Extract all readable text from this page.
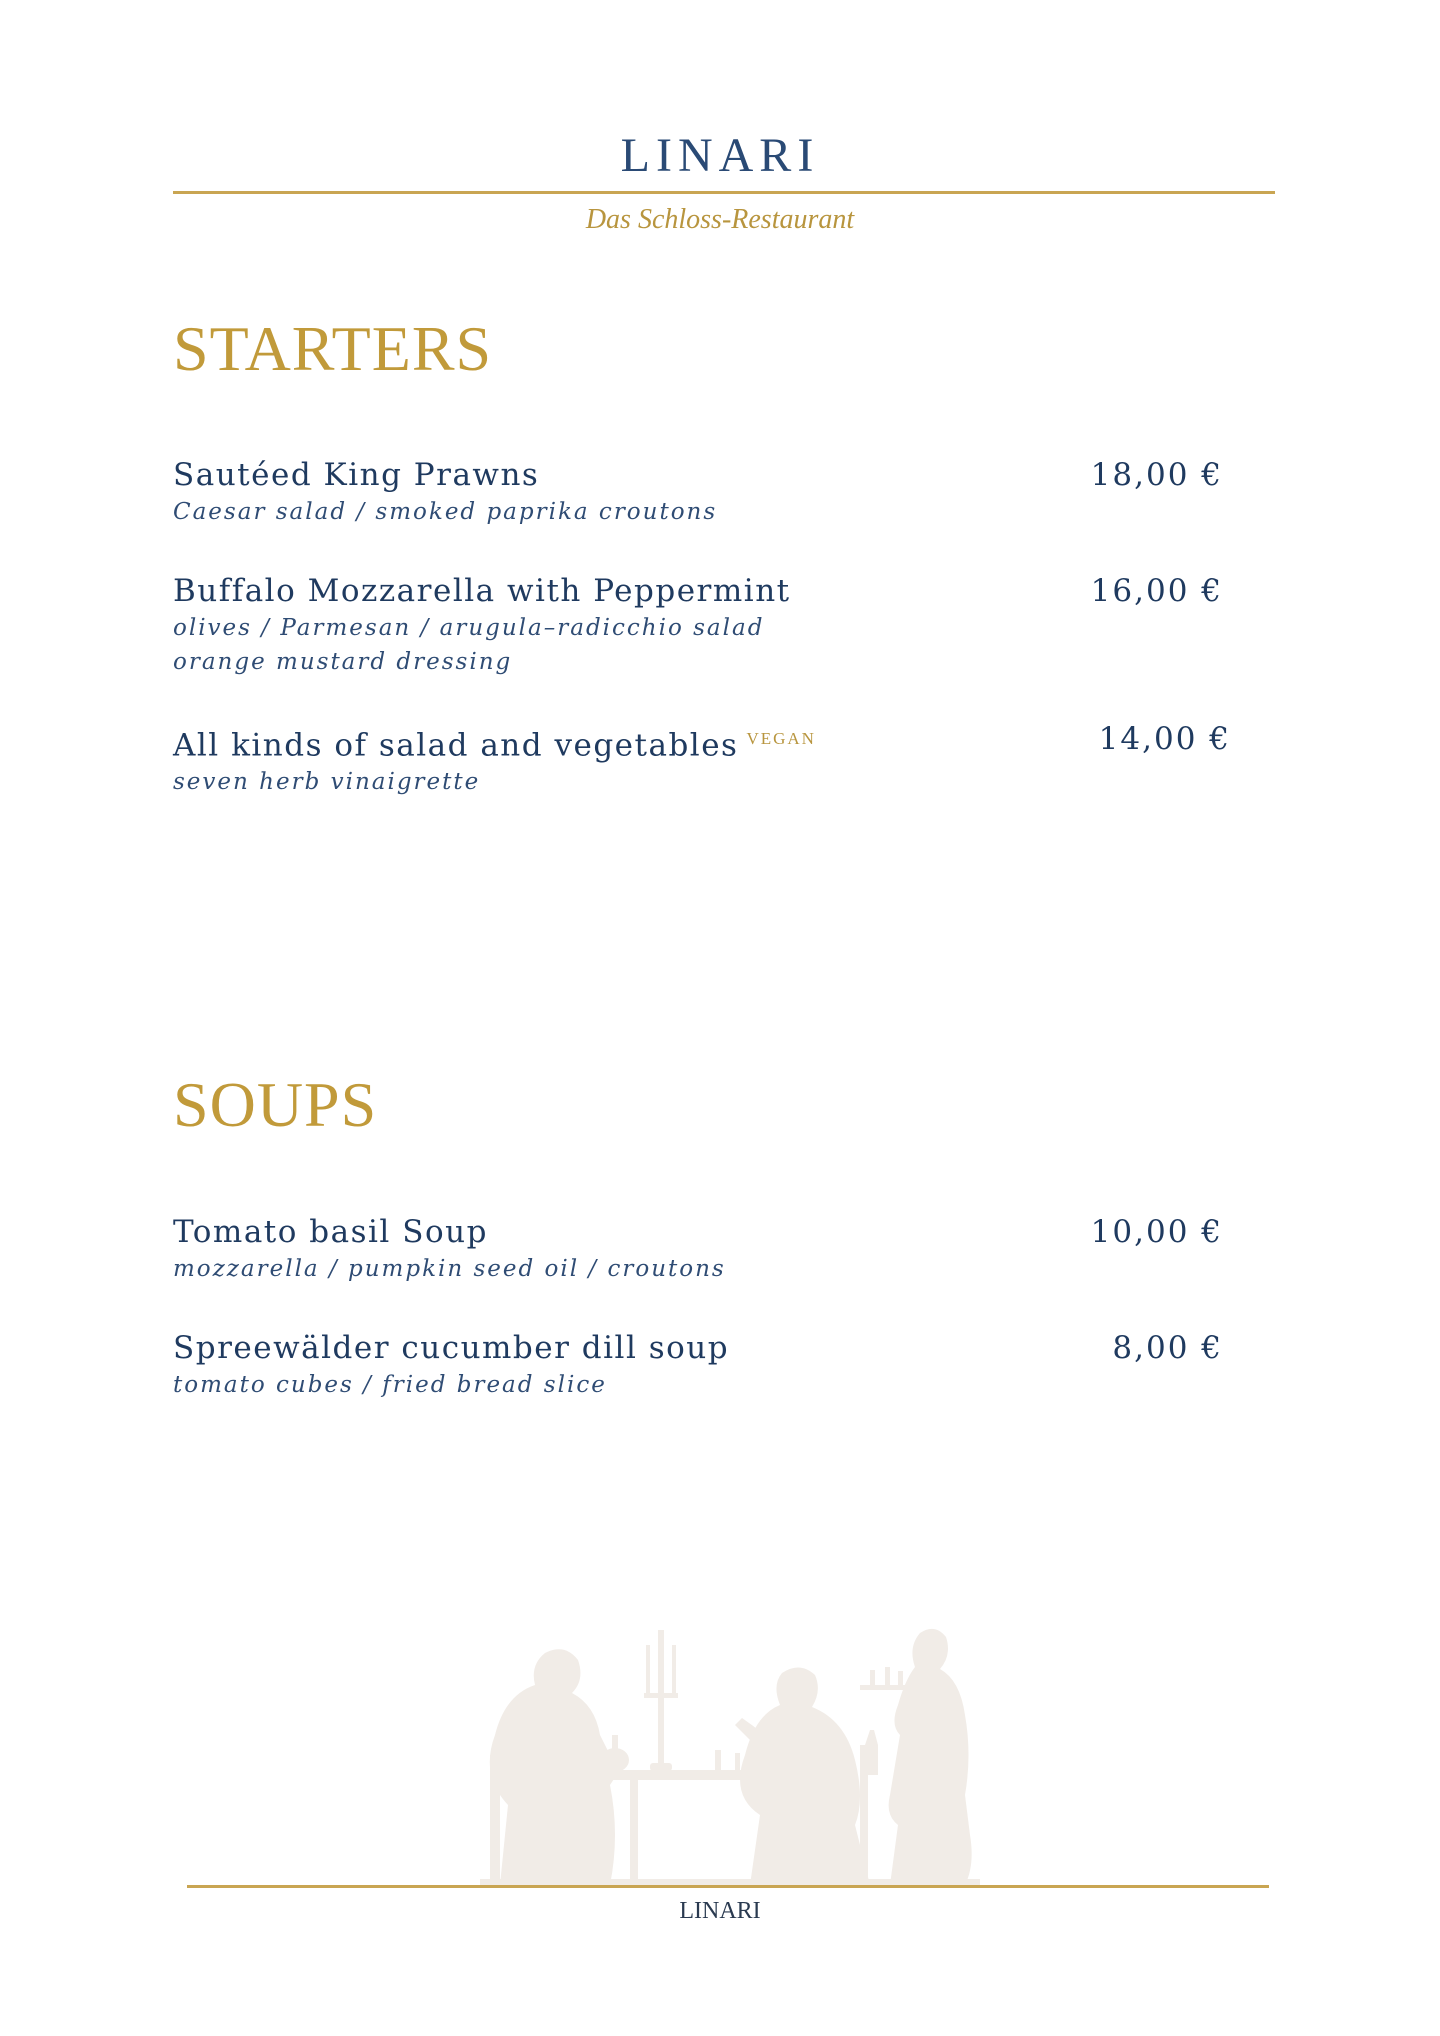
LINARI
Das Schloss-Restaurant
STARTERS
Sautéed King Prawns
Caesar salad / smoked paprika croutons
18,00 €
Buffalo Mozzarella with Peppermint
olives / Parmesan / arugula–radicchio salad
orange mustard dressing
16,00 €
All kinds of salad and vegetables $^{VEGAN}$
seven herb vinaigrette
14,00 €
SOUPS
Tomato basil Soup
mozzarella / pumpkin seed oil / croutons
10,00 €
Spreewälder cucumber dill soup
tomato cubes / fried bread slice
8,00 €
LINARI
